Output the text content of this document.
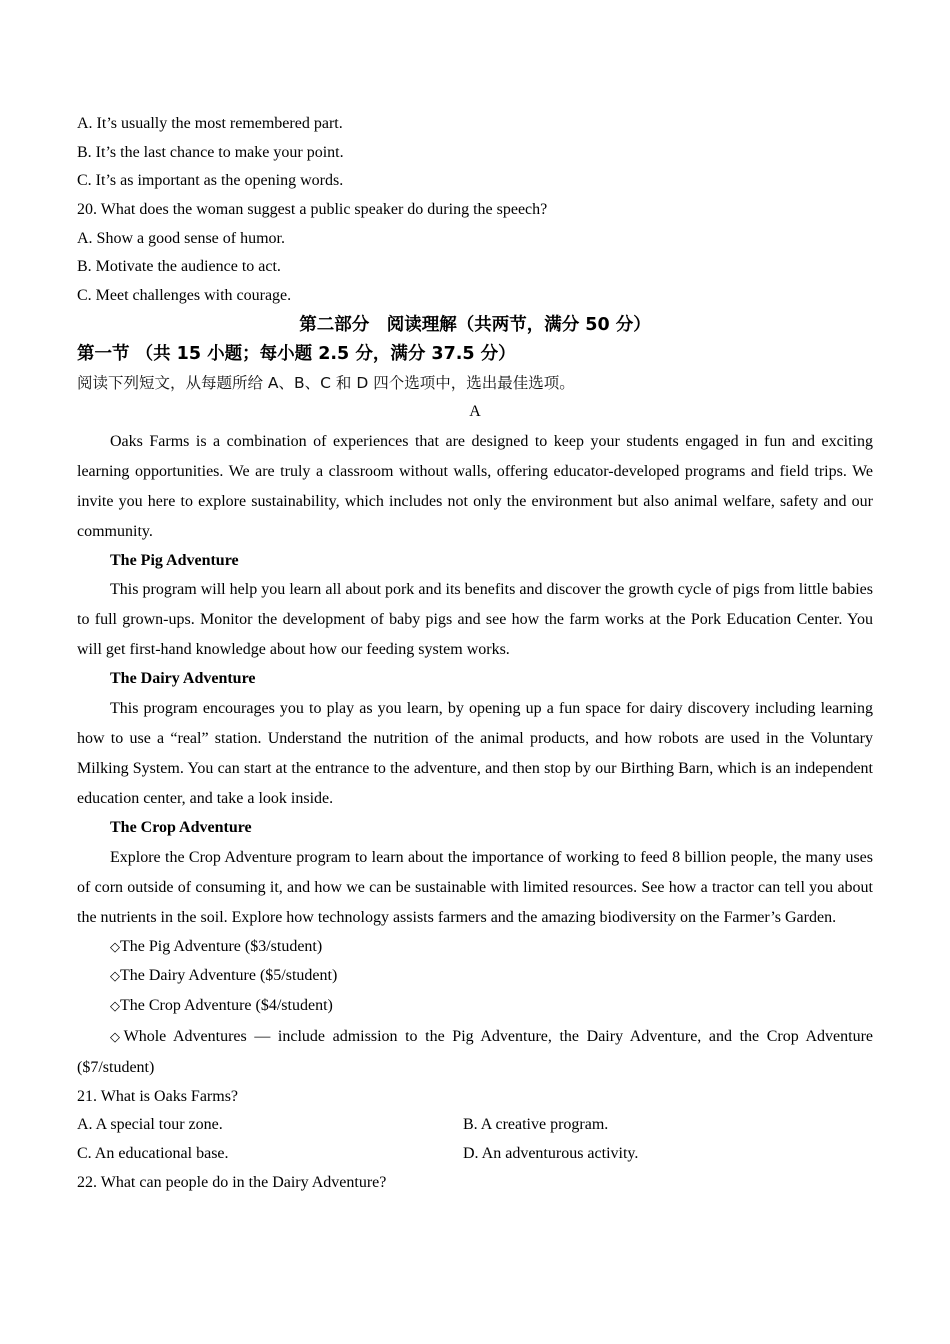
A. It’s usually the most remembered part.
B. It’s the last chance to make your point.
C. It’s as important as the opening words.
20. What does the woman suggest a public speaker do during the speech?
A. Show a good sense of humor.
B. Motivate the audience to act.
C. Meet challenges with courage.
第二部分　阅读理解（共两节，满分 50 分）
第一节 （共 15 小题；每小题 2.5 分，满分 37.5 分）
阅读下列短文，从每题所给 A、B、C 和 D 四个选项中，选出最佳选项。
A
Oaks Farms is a combination of experiences that are designed to keep your students engaged in fun and exciting learning opportunities. We are truly a classroom without walls, offering educator-developed programs and field trips. We invite you here to explore sustainability, which includes not only the environment but also animal welfare, safety and our community.
The Pig Adventure
This program will help you learn all about pork and its benefits and discover the growth cycle of pigs from little babies to full grown-ups. Monitor the development of baby pigs and see how the farm works at the Pork Education Center. You will get first-hand knowledge about how our feeding system works.
The Dairy Adventure
This program encourages you to play as you learn, by opening up a fun space for dairy discovery including learning how to use a “real” station. Understand the nutrition of the animal products, and how robots are used in the Voluntary Milking System. You can start at the entrance to the adventure, and then stop by our Birthing Barn, which is an independent education center, and take a look inside.
The Crop Adventure
Explore the Crop Adventure program to learn about the importance of working to feed 8 billion people, the many uses of corn outside of consuming it, and how we can be sustainable with limited resources. See how a tractor can tell you about the nutrients in the soil. Explore how technology assists farmers and the amazing biodiversity on the Farmer’s Garden.
◇The Pig Adventure ($3/student)
◇The Dairy Adventure ($5/student)
◇The Crop Adventure ($4/student)
◇Whole Adventures — include admission to the Pig Adventure, the Dairy Adventure, and the Crop Adventure ($7/student)
21. What is Oaks Farms?
A. A special tour zone.	B. A creative program.
C. An educational base.	D. An adventurous activity.
22. What can people do in the Dairy Adventure?
